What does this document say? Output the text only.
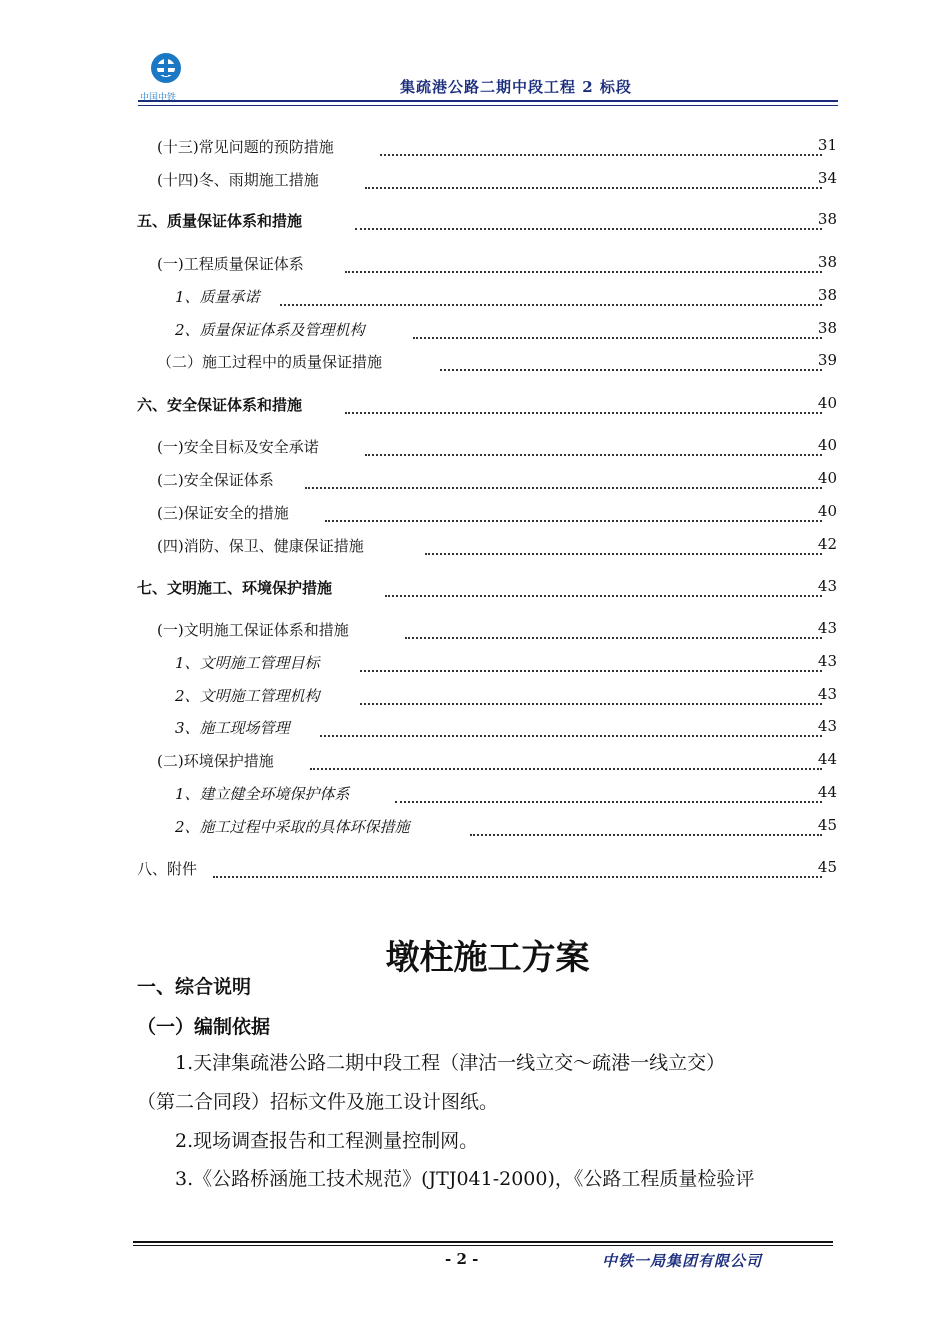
中国中铁
集疏港公路二期中段工程 2 标段
(十三)常见问题的预防措施	31
(十四)冬、雨期施工措施	34
五、质量保证体系和措施	38
(一)工程质量保证体系	38
1、质量承诺	38
2、质量保证体系及管理机构	38
（二）施工过程中的质量保证措施	39
六、安全保证体系和措施	40
(一)安全目标及安全承诺	40
(二)安全保证体系	40
(三)保证安全的措施	40
(四)消防、保卫、健康保证措施	42
七、文明施工、环境保护措施	43
(一)文明施工保证体系和措施	43
1、文明施工管理目标	43
2、文明施工管理机构	43
3、施工现场管理	43
(二)环境保护措施	44
1、建立健全环境保护体系	44
2、施工过程中采取的具体环保措施	45
八、附件	45
墩柱施工方案
一、综合说明
（一）编制依据
1.天津集疏港公路二期中段工程（津沽一线立交～疏港一线立交）
（第二合同段）招标文件及施工设计图纸。
2.现场调查报告和工程测量控制网。
3.《公路桥涵施工技术规范》(JTJ041-2000)，《公路工程质量检验评
- 2 -	中铁一局集团有限公司
